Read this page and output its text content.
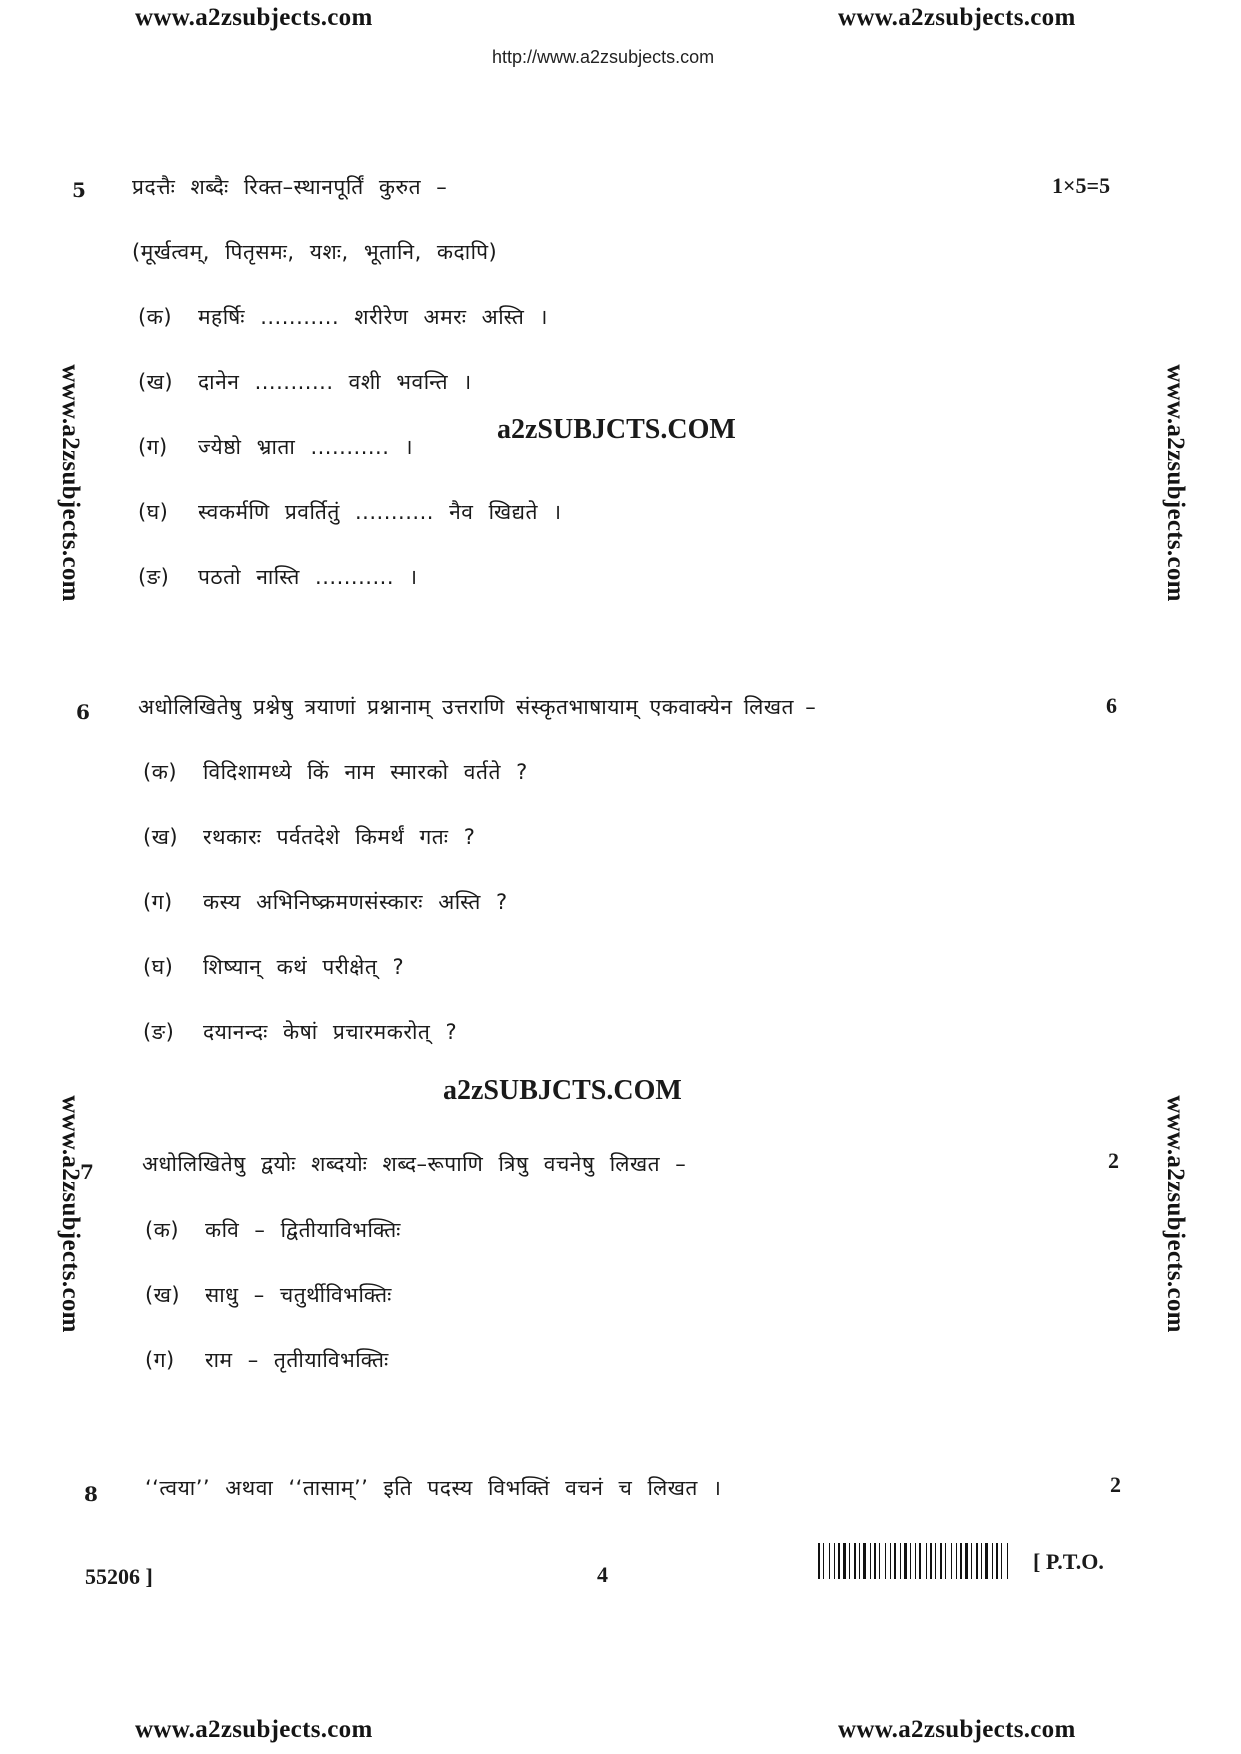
www.a2zsubjects.com	www.a2zsubjects.com
http://www.a2zsubjects.com
www.a2zsubjects.com
www.a2zsubjects.com
www.a2zsubjects.com
www.a2zsubjects.com
a2zSUBJCTS.COM
a2zSUBJCTS.COM
5 प्रदत्तैः शब्दैः रिक्त–स्थानपूर्तिं कुरुत –	1×5=5
(मूर्खत्वम्, पितृसमः, यशः, भूतानि, कदापि)
(क) महर्षिः ........... शरीरेण अमरः अस्ति ।
(ख) दानेन ........... वशी भवन्ति ।
(ग) ज्येष्ठो भ्राता ........... ।
(घ) स्वकर्मणि प्रवर्तितुं ........... नैव खिद्यते ।
(ङ) पठतो नास्ति ........... ।
6 अधोलिखितेषु प्रश्नेषु त्रयाणां प्रश्नानाम् उत्तराणि संस्कृतभाषायाम् एकवाक्येन लिखत –	6
(क) विदिशामध्ये किं नाम स्मारको वर्तते ?
(ख) रथकारः पर्वतदेशे किमर्थं गतः ?
(ग) कस्य अभिनिष्क्रमणसंस्कारः अस्ति ?
(घ) शिष्यान् कथं परीक्षेत् ?
(ङ) दयानन्दः केषां प्रचारमकरोत् ?
7 अधोलिखितेषु द्वयोः शब्दयोः शब्द–रूपाणि त्रिषु वचनेषु लिखत –	2
(क) कवि – द्वितीयाविभक्तिः
(ख) साधु – चतुर्थीविभक्तिः
(ग) राम – तृतीयाविभक्तिः
8 ‘‘त्वया’’ अथवा ‘‘तासाम्’’ इति पदस्य विभक्तिं वचनं च लिखत ।	2
55206 ]	4
[ P.T.O.
www.a2zsubjects.com	www.a2zsubjects.com
